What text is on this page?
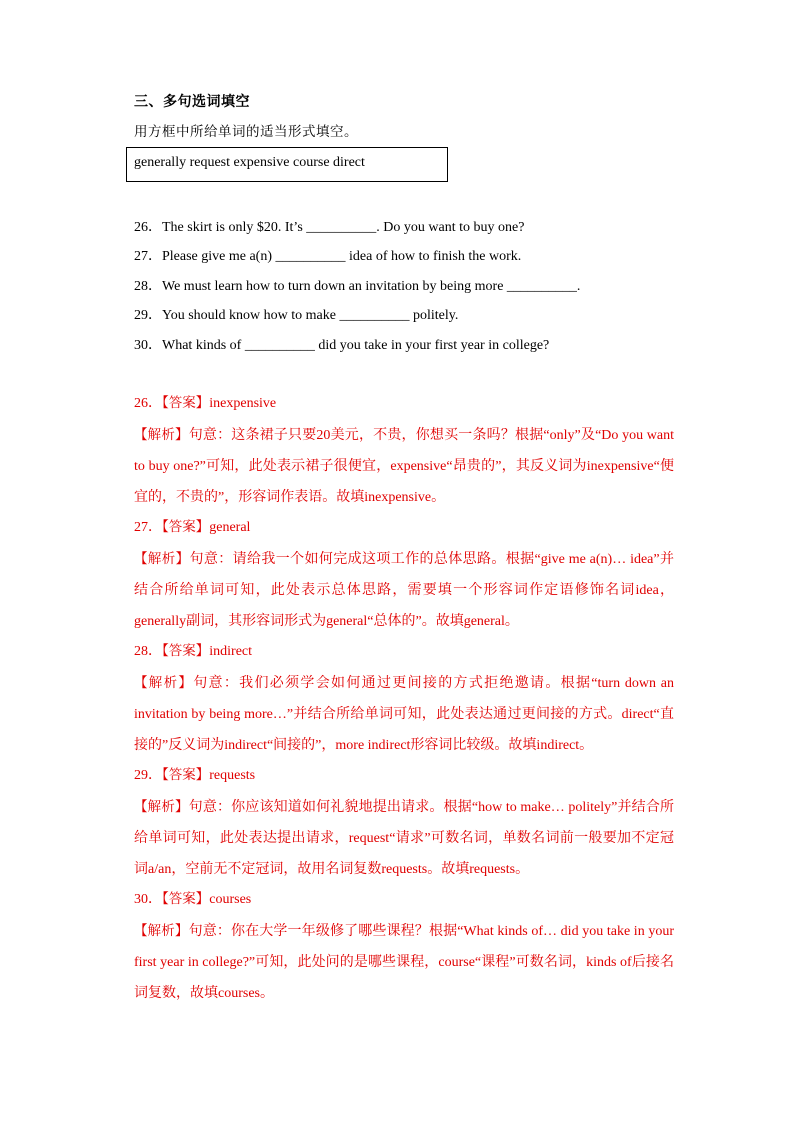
三、多句选词填空
用方框中所给单词的适当形式填空。
generally request expensive course direct
26．The skirt is only $20. It’s __________. Do you want to buy one?
27．Please give me a(n) __________ idea of how to finish the work.
28．We must learn how to turn down an invitation by being more __________.
29．You should know how to make __________ politely.
30．What kinds of __________ did you take in your first year in college?
26．【答案】inexpensive
【解析】句意：这条裙子只要20美元，不贵，你想买一条吗？根据“only”及“Do you want to buy one?”可知，此处表示裙子很便宜，expensive“昂贵的”，其反义词为inexpensive“便宜的，不贵的”，形容词作表语。故填inexpensive。
27．【答案】general
【解析】句意：请给我一个如何完成这项工作的总体思路。根据“give me a(n)… idea”并结合所给单词可知，此处表示总体思路，需要填一个形容词作定语修饰名词idea，generally副词，其形容词形式为general“总体的”。故填general。
28．【答案】indirect
【解析】句意：我们必须学会如何通过更间接的方式拒绝邀请。根据“turn down an invitation by being more…”并结合所给单词可知，此处表达通过更间接的方式。direct“直接的”反义词为indirect“间接的”，more indirect形容词比较级。故填indirect。
29．【答案】requests
【解析】句意：你应该知道如何礼貌地提出请求。根据“how to make… politely”并结合所给单词可知，此处表达提出请求，request“请求”可数名词，单数名词前一般要加不定冠词a/an，空前无不定冠词，故用名词复数requests。故填requests。
30．【答案】courses
【解析】句意：你在大学一年级修了哪些课程？根据“What kinds of… did you take in your first year in college?”可知，此处问的是哪些课程，course“课程”可数名词，kinds of后接名词复数，故填courses。
